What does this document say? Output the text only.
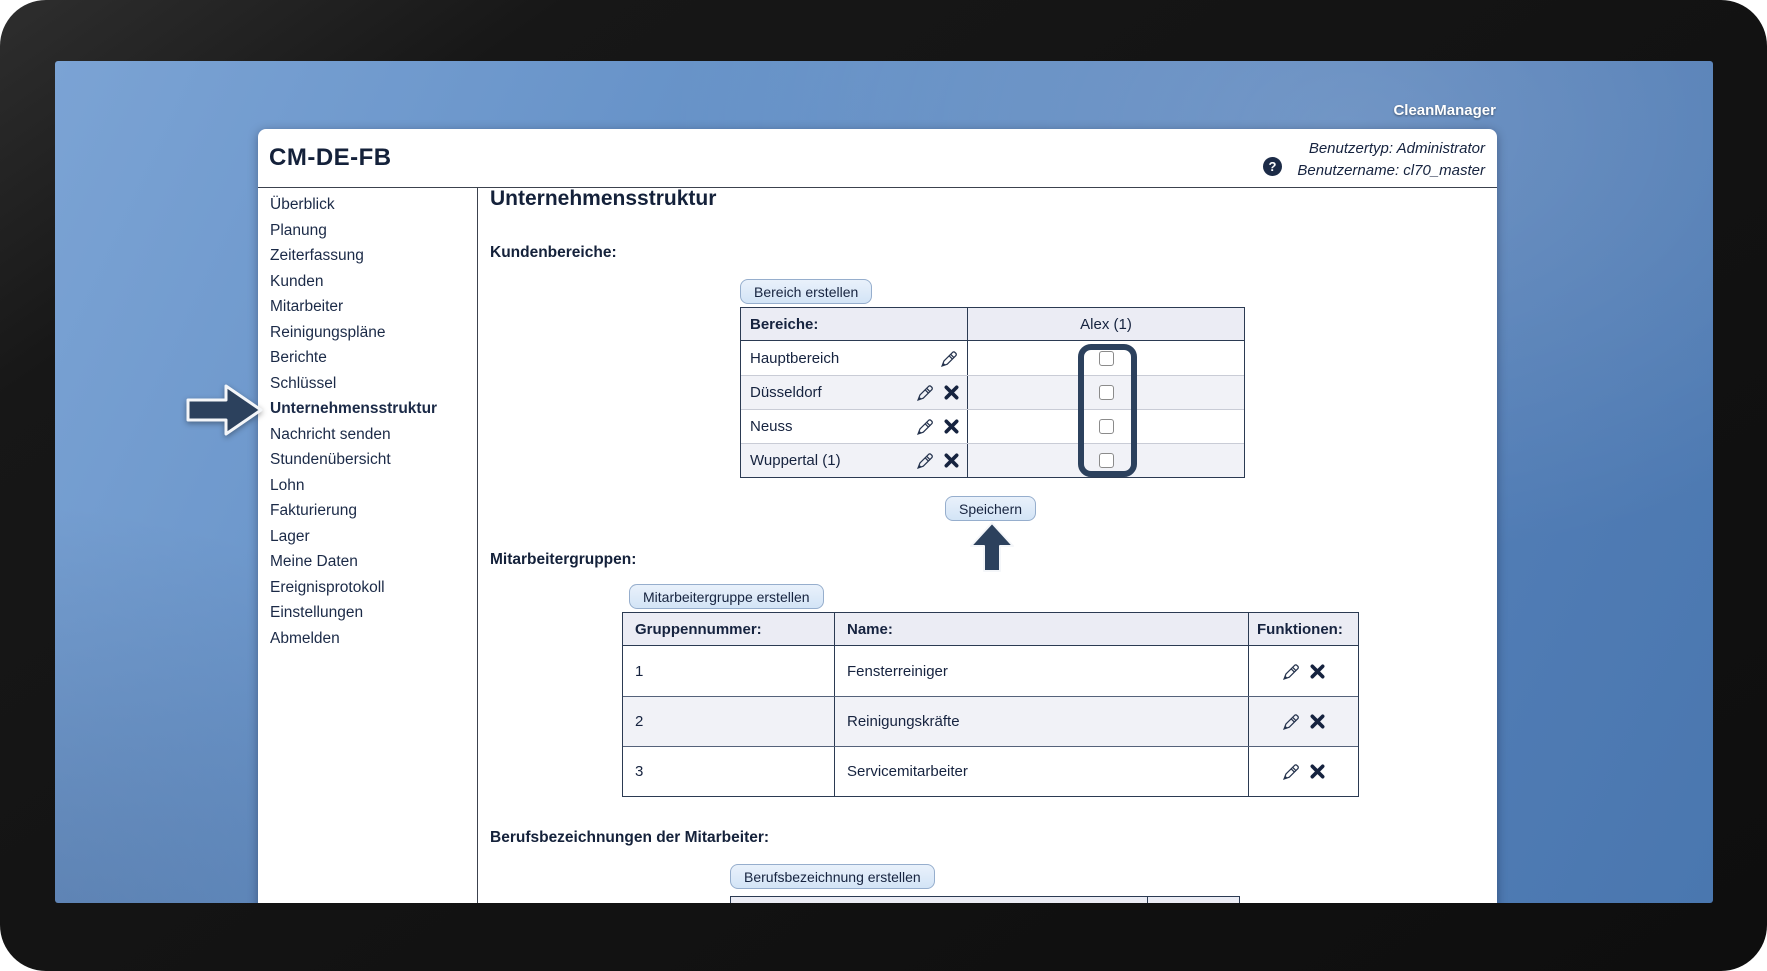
CleanManager
CM-DE-FB	?
Benutzertyp: Administrator
Benutzername: cl70_master
Überblick
Planung
Zeiterfassung
Kunden
Mitarbeiter
Reinigungspläne
Berichte
Schlüssel
Unternehmensstruktur
Nachricht senden
Stundenübersicht
Lohn
Fakturierung
Lager
Meine Daten
Ereignisprotokoll
Einstellungen
Abmelden
Unternehmensstruktur
Kundenbereiche:
Bereich erstellen
Bereiche:	Alex (1)
Hauptbereich
Düsseldorf
Neuss
Wuppertal (1)
Speichern
Mitarbeitergruppen:
Mitarbeitergruppe erstellen
Gruppennummer:	Name:	Funktionen:
1	Fensterreiniger
2	Reinigungskräfte
3	Servicemitarbeiter
Berufsbezeichnungen der Mitarbeiter:
Berufsbezeichnung erstellen
